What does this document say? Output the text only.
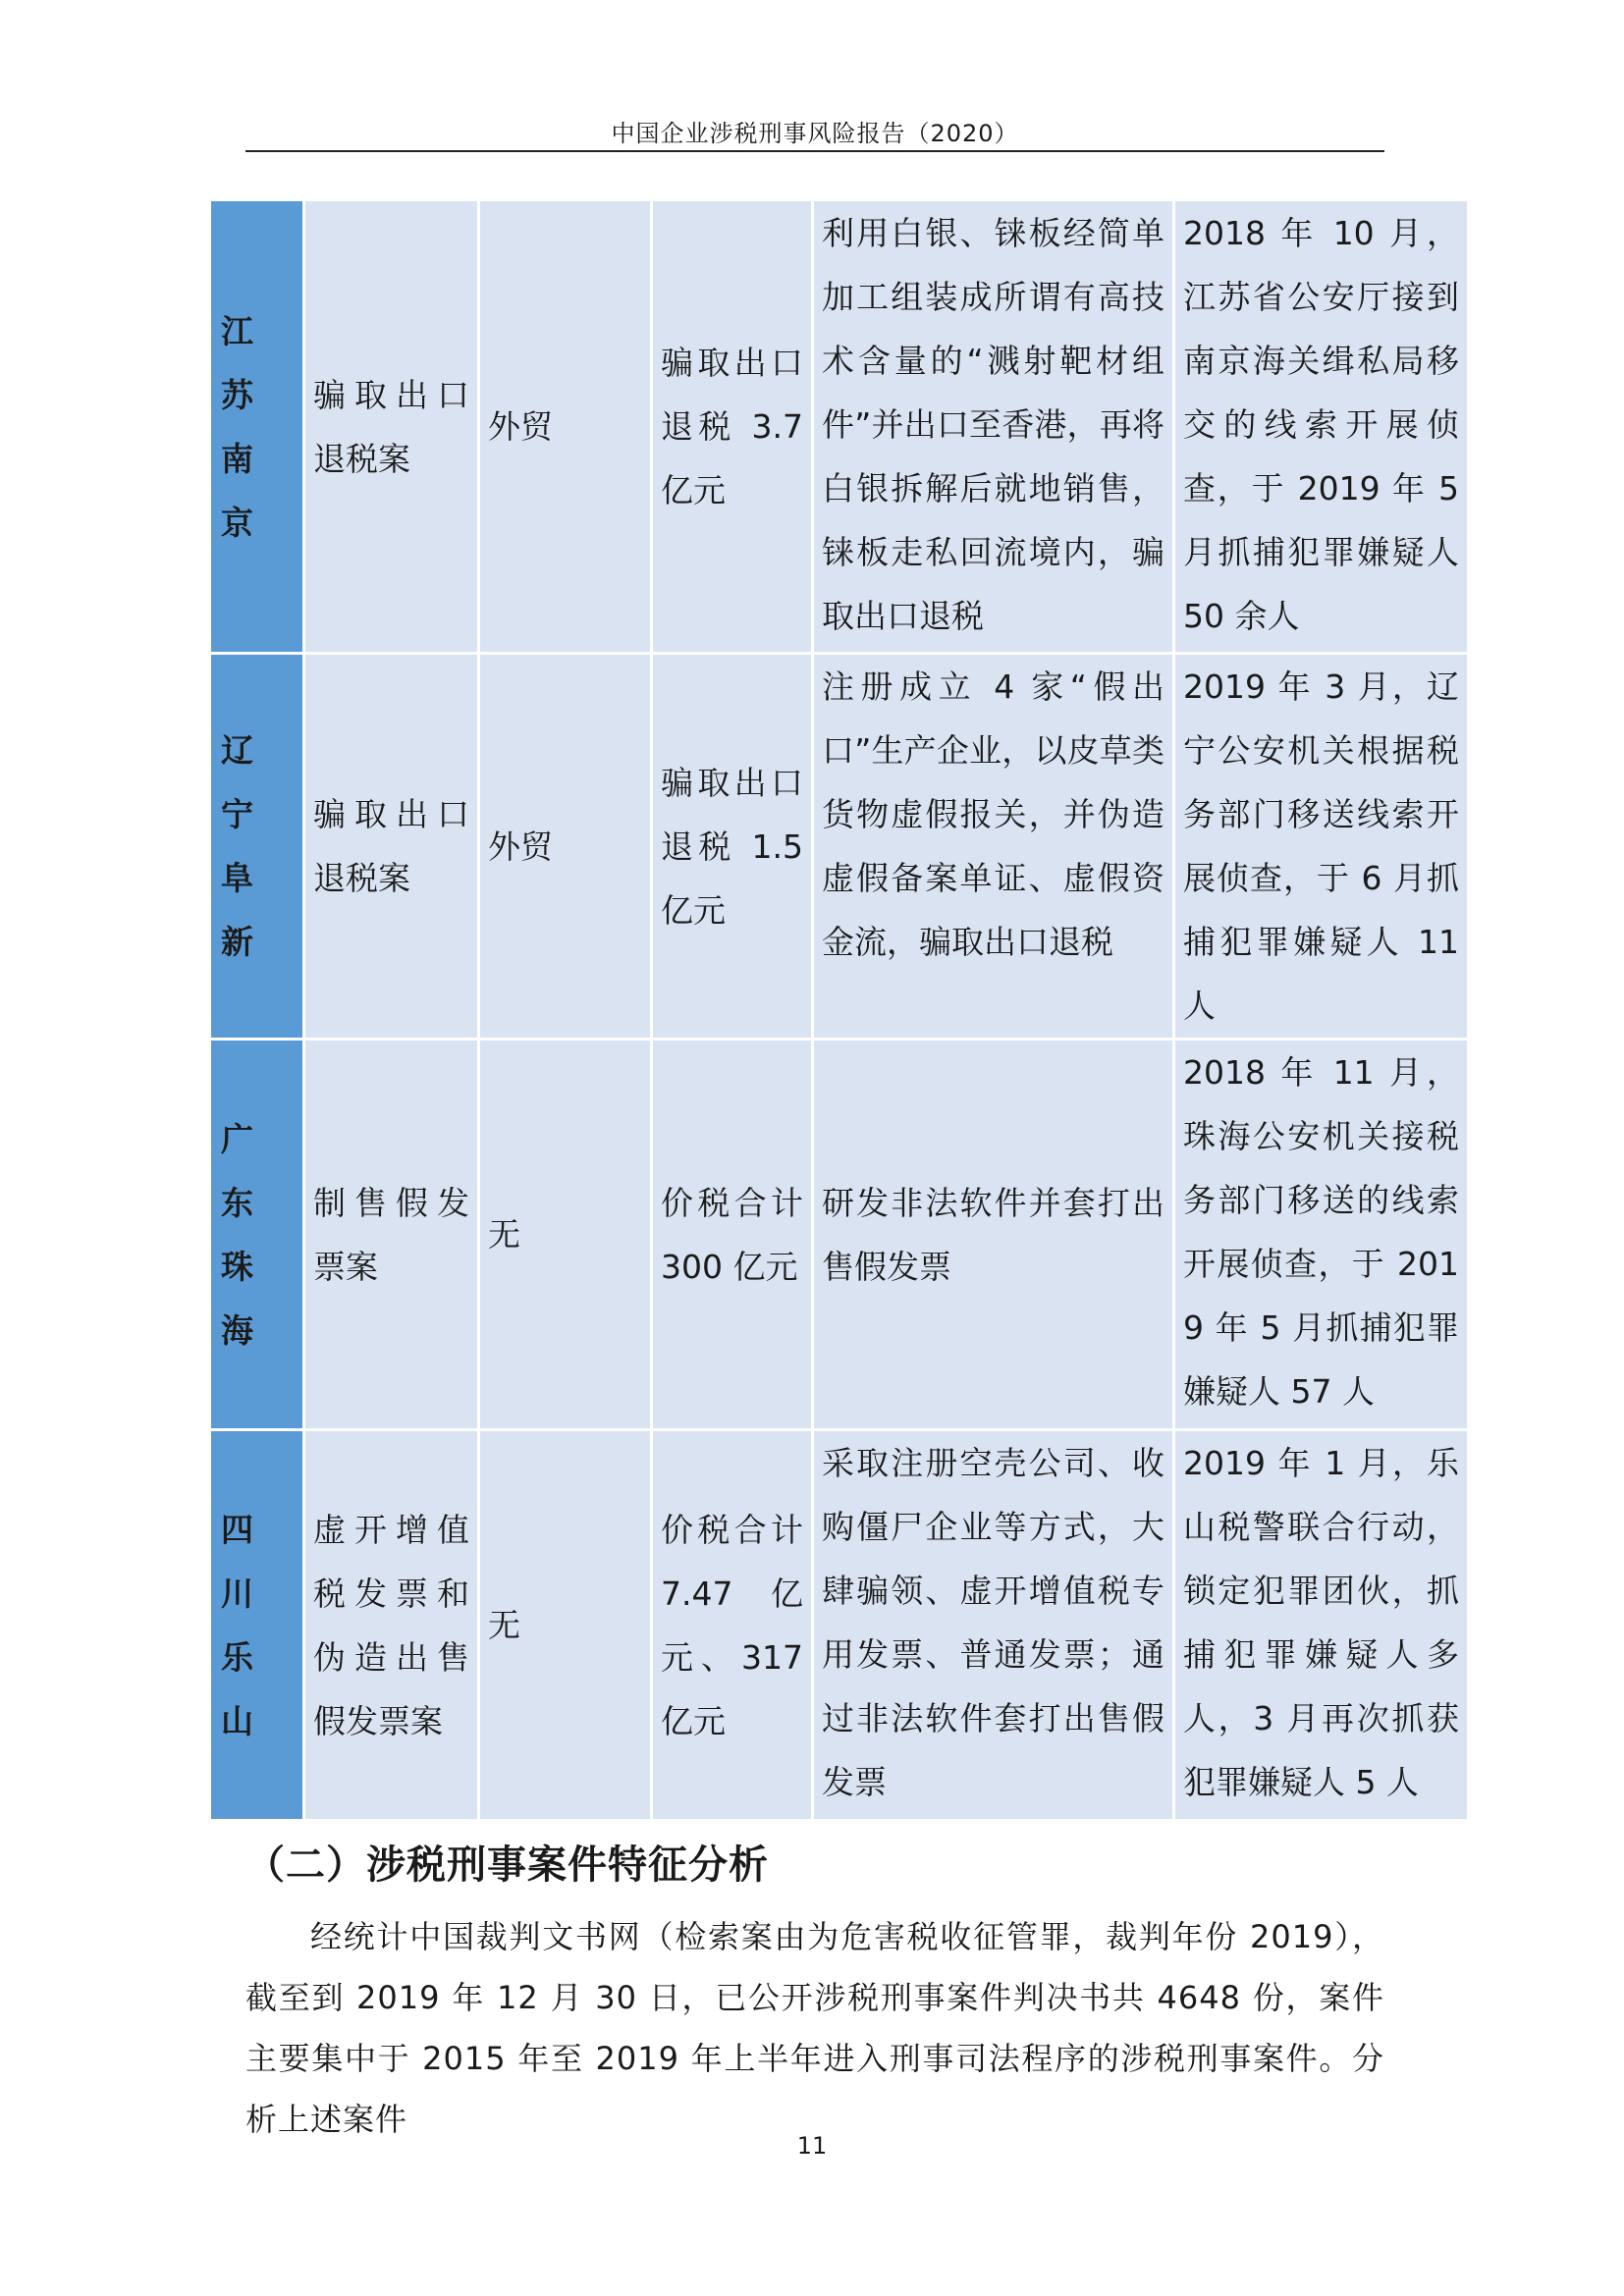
中国企业涉税刑事风险报告（2020）
江苏南京	骗取出口退税案	外贸	骗取出口退税 3.7 亿元	利用白银、铼板经简单加工组装成所谓有高技术含量的“溅射靶材组件”并出口至香港，再将白银拆解后就地销售，铼板走私回流境内，骗取出口退税	2018 年 10 月，江苏省公安厅接到南京海关缉私局移交的线索开展侦查，于 2019 年 5 月抓捕犯罪嫌疑人 50 余人
辽宁阜新	骗取出口退税案	外贸	骗取出口退税 1.5 亿元	注册成立 4 家“假出口”生产企业，以皮草类货物虚假报关，并伪造虚假备案单证、虚假资金流，骗取出口退税	2019 年 3 月，辽宁公安机关根据税务部门移送线索开展侦查，于 6 月抓捕犯罪嫌疑人 11 人
广东珠海	制售假发票案	无	价税合计 300 亿元	研发非法软件并套打出售假发票	2018 年 11 月，珠海公安机关接税务部门移送的线索开展侦查，于 2019 年 5 月抓捕犯罪嫌疑人 57 人
四川乐山	虚开增值税发票和伪造出售假发票案	无	价税合计 7.47 亿元、317 亿元	采取注册空壳公司、收购僵尸企业等方式，大肆骗领、虚开增值税专用发票、普通发票；通过非法软件套打出售假发票	2019 年 1 月，乐山税警联合行动，锁定犯罪团伙，抓捕犯罪嫌疑人多人，3 月再次抓获犯罪嫌疑人 5 人
（二）涉税刑事案件特征分析
经统计中国裁判文书网（检索案由为危害税收征管罪，裁判年份 2019），截至到 2019 年 12 月 30 日，已公开涉税刑事案件判决书共 4648 份，案件主要集中于 2015 年至 2019 年上半年进入刑事司法程序的涉税刑事案件。分析上述案件
11
